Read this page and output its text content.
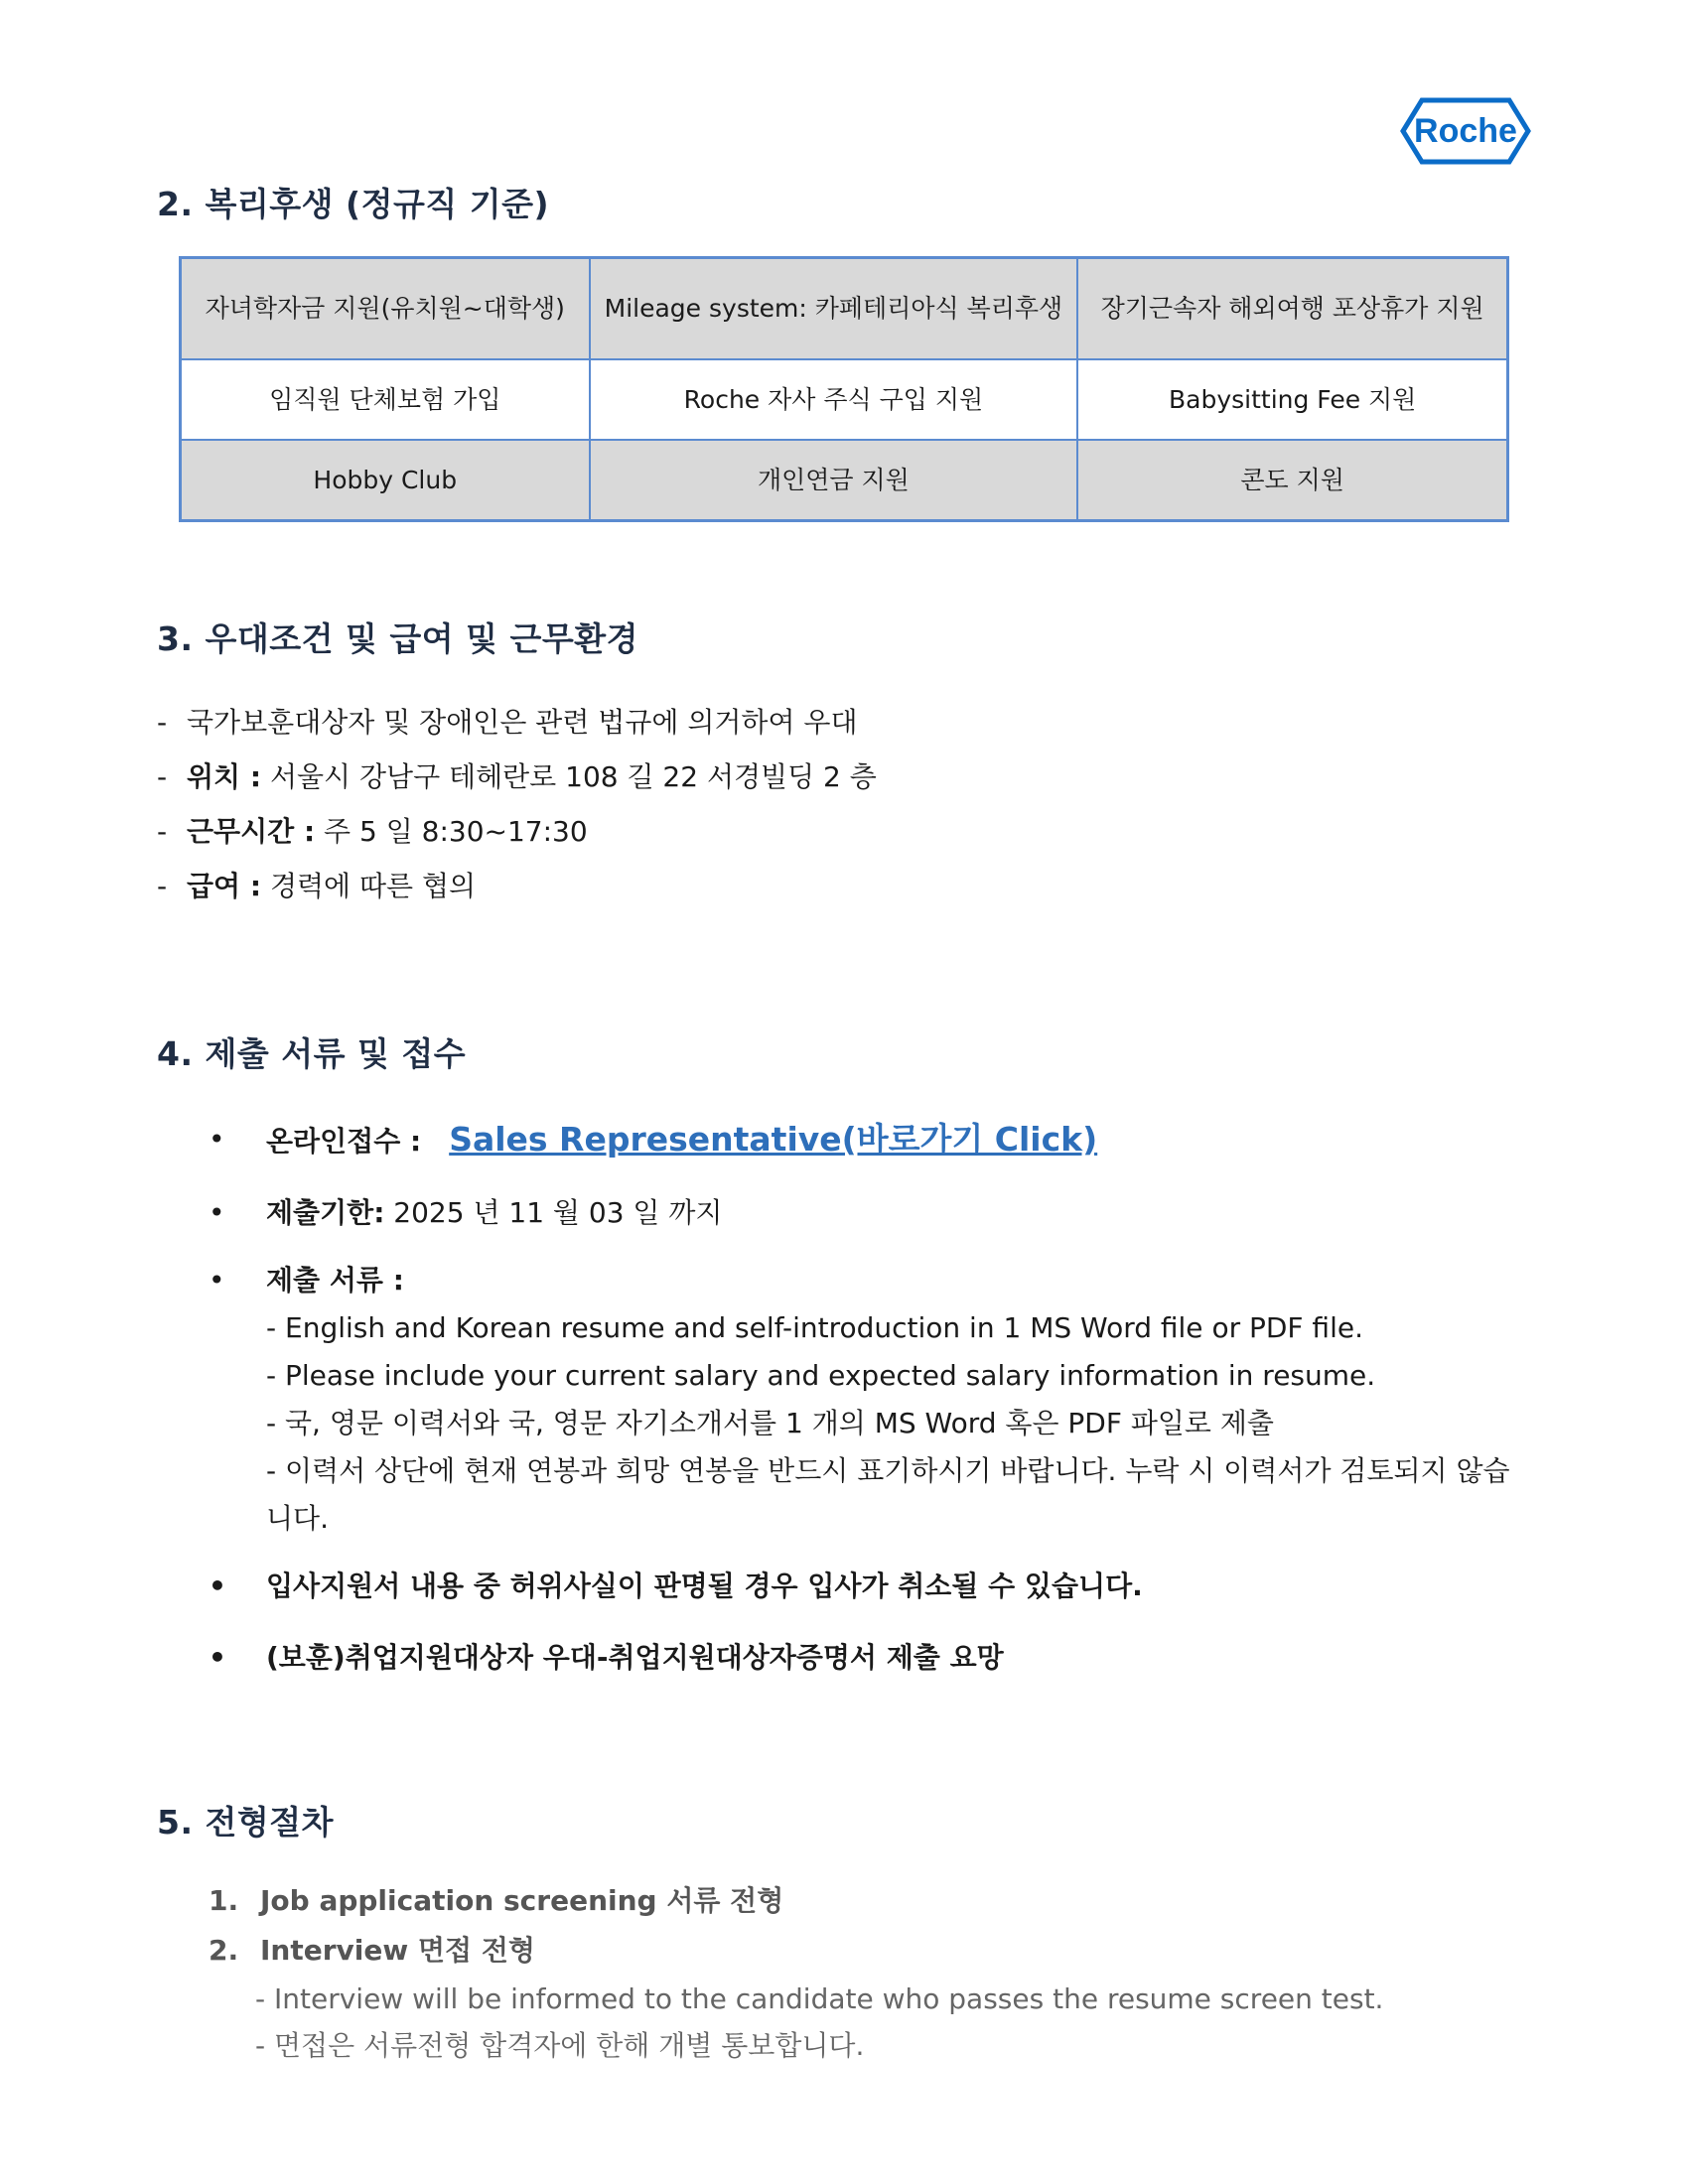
Roche
2. 복리후생 (정규직 기준)
자녀학자금 지원(유치원~대학생)	Mileage system: 카페테리아식 복리후생	장기근속자 해외여행 포상휴가 지원
임직원 단체보험 가입	Roche 자사 주식 구입 지원	Babysitting Fee 지원
Hobby Club	개인연금 지원	콘도 지원
3. 우대조건 및 급여 및 근무환경
- 국가보훈대상자 및 장애인은 관련 법규에 의거하여 우대
- 위치 : 서울시 강남구 테헤란로 108 길 22 서경빌딩 2 층
- 근무시간 : 주 5 일 8:30~17:30
- 급여 : 경력에 따른 협의
4. 제출 서류 및 접수
• 온라인접수 : Sales Representative(바로가기 Click)
• 제출기한: 2025 년 11 월 03 일 까지
• 제출 서류 :
- English and Korean resume and self-introduction in 1 MS Word file or PDF file.
- Please include your current salary and expected salary information in resume.
- 국, 영문 이력서와 국, 영문 자기소개서를 1 개의 MS Word 혹은 PDF 파일로 제출
- 이력서 상단에 현재 연봉과 희망 연봉을 반드시 표기하시기 바랍니다. 누락 시 이력서가 검토되지 않습니다.
• 입사지원서 내용 중 허위사실이 판명될 경우 입사가 취소될 수 있습니다.
• (보훈)취업지원대상자 우대-취업지원대상자증명서 제출 요망
5. 전형절차
1. Job application screening 서류 전형
2. Interview 면접 전형
- Interview will be informed to the candidate who passes the resume screen test.
- 면접은 서류전형 합격자에 한해 개별 통보합니다.
